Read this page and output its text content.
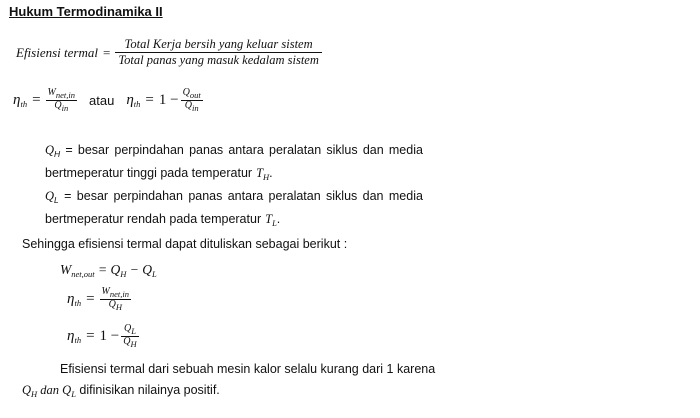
Hukum Termodinamika II
Efisiensi termal = $\frac{\text{Total Kerja bersih yang keluar sistem}}{\text{Total panas yang masuk kedalam sistem}}$
$\eta_{th} = \frac{W_{net,in}}{Q_{in}}$ atau $\eta_{th} = 1 - \frac{Q_{out}}{Q_{in}}$
$Q_H$ = besar perpindahan panas antara peralatan siklus dan media
bertmeperatur tinggi pada temperatur $T_H$.
$Q_L$ = besar perpindahan panas antara peralatan siklus dan media
bertmeperatur rendah pada temperatur $T_L$.
Sehingga efisiensi termal dapat dituliskan sebagai berikut :
$W_{net,out} = Q_H - Q_L$
$\eta_{th} = \frac{W_{net,in}}{Q_H}$
$\eta_{th} = 1 - \frac{Q_L}{Q_H}$
Efisiensi termal dari sebuah mesin kalor selalu kurang dari 1 karena
$Q_H$ dan $Q_L$ difinisikan nilainya positif.
